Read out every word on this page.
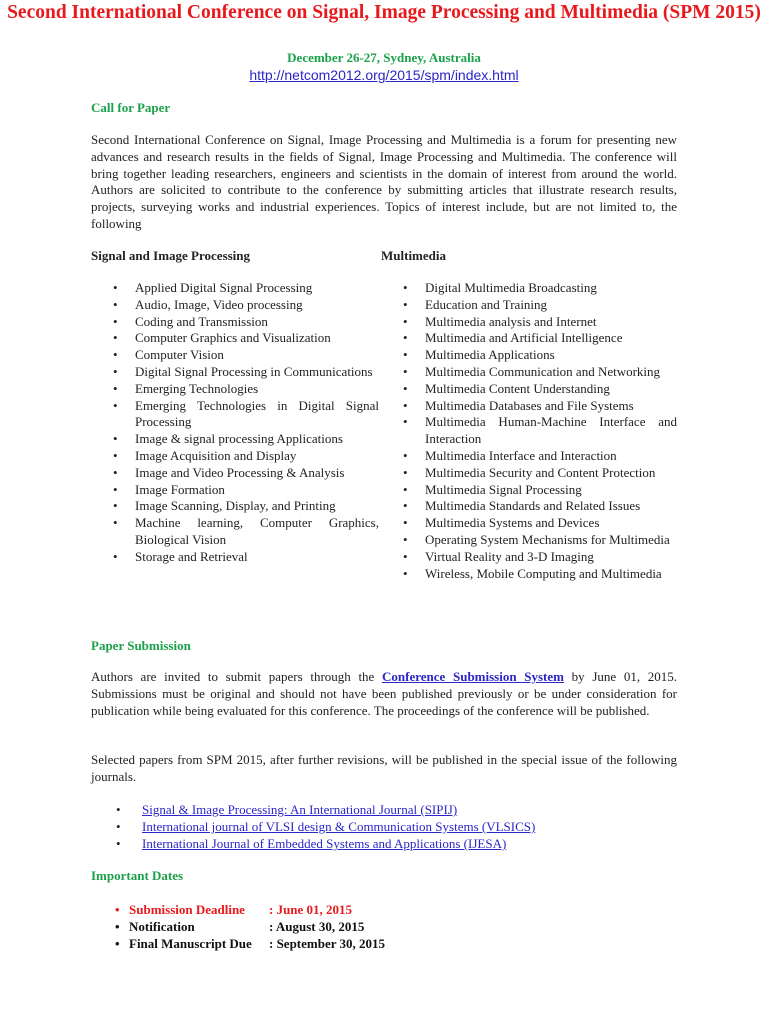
Second International Conference on Signal, Image Processing and Multimedia (SPM 2015)
December 26-27, Sydney, Australia
http://netcom2012.org/2015/spm/index.html
Call for Paper
Second International Conference on Signal, Image Processing and Multimedia is a forum for presenting new advances and research results in the fields of Signal, Image Processing and Multimedia. The conference will bring together leading researchers, engineers and scientists in the domain of interest from around the world. Authors are solicited to contribute to the conference by submitting articles that illustrate research results, projects, surveying works and industrial experiences. Topics of interest include, but are not limited to, the following
Signal and Image Processing	Multimedia
• Applied Digital Signal Processing
• Audio, Image, Video processing
• Coding and Transmission
• Computer Graphics and Visualization
• Computer Vision
• Digital Signal Processing in Communications
• Emerging Technologies
• Emerging Technologies in Digital Signal Processing
• Image & signal processing Applications
• Image Acquisition and Display
• Image and Video Processing & Analysis
• Image Formation
• Image Scanning, Display, and Printing
• Machine learning, Computer Graphics, Biological Vision
• Storage and Retrieval
• Digital Multimedia Broadcasting
• Education and Training
• Multimedia analysis and Internet
• Multimedia and Artificial Intelligence
• Multimedia Applications
• Multimedia Communication and Networking
• Multimedia Content Understanding
• Multimedia Databases and File Systems
• Multimedia Human-Machine Interface and Interaction
• Multimedia Interface and Interaction
• Multimedia Security and Content Protection
• Multimedia Signal Processing
• Multimedia Standards and Related Issues
• Multimedia Systems and Devices
• Operating System Mechanisms for Multimedia
• Virtual Reality and 3-D Imaging
• Wireless, Mobile Computing and Multimedia
Paper Submission
Authors are invited to submit papers through the Conference Submission System by June 01, 2015. Submissions must be original and should not have been published previously or be under consideration for publication while being evaluated for this conference. The proceedings of the conference will be published.
Selected papers from SPM 2015, after further revisions, will be published in the special issue of the following journals.
• Signal & Image Processing: An International Journal (SIPIJ)
• International journal of VLSI design & Communication Systems (VLSICS)
• International Journal of Embedded Systems and Applications (IJESA)
Important Dates
• Submission Deadline : June 01, 2015
• Notification	: August 30, 2015
• Final Manuscript Due : September 30, 2015
